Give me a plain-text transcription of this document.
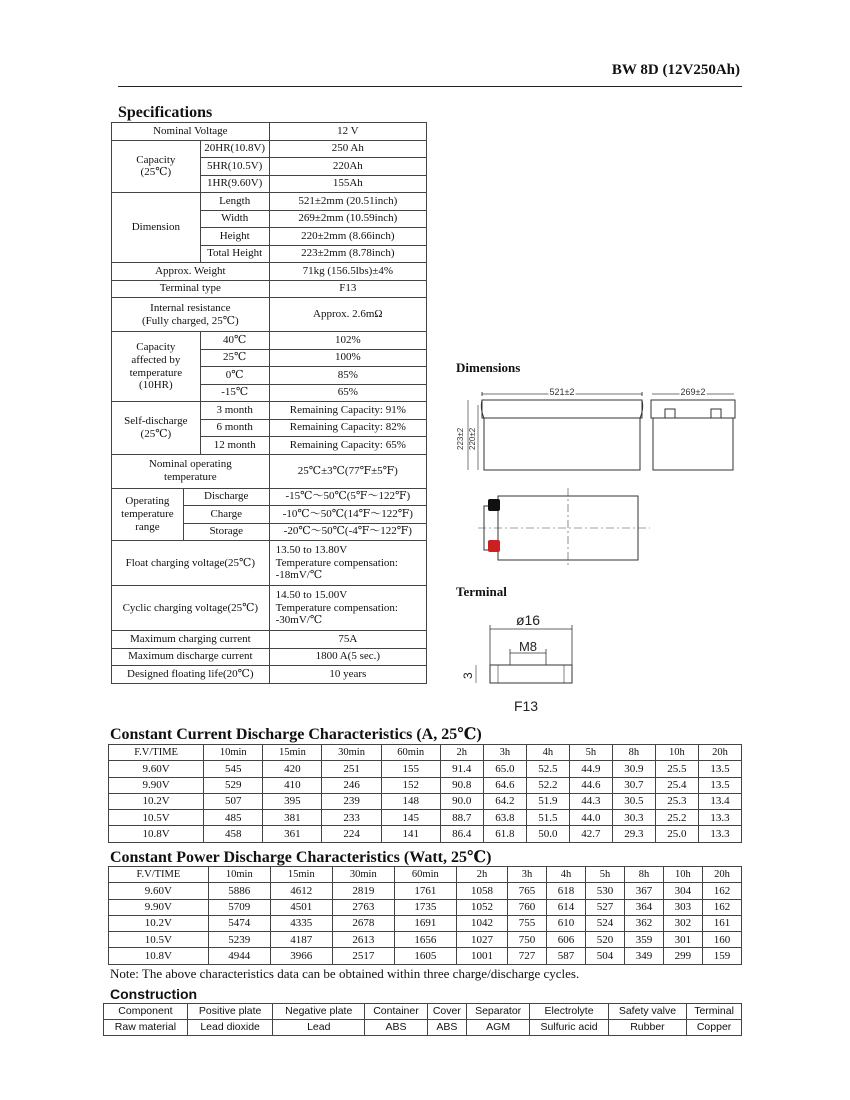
BW 8D (12V250Ah)
Specifications
Nominal Voltage			12 V
Capacity
(25℃)		20HR(10.8V)	250 Ah
		5HR(10.5V)	220Ah
		1HR(9.60V)	155Ah
Dimension		Length	521±2mm (20.51inch)
		Width	269±2mm (10.59inch)
		Height	220±2mm (8.66inch)
		Total Height	223±2mm (8.78inch)
Approx. Weight			71kg (156.5lbs)±4%
Terminal type			F13
Internal resistance
(Fully charged, 25℃)			Approx. 2.6mΩ
Capacity
affected by
temperature
(10HR)		40℃	102%
		25℃	100%
		0℃	85%
		-15℃	65%
Self-discharge
(25℃)		3 month	Remaining Capacity: 91%
		6 month	Remaining Capacity: 82%
		12 month	Remaining Capacity: 65%
Nominal operating
temperature			25℃±3℃(77℉±5℉)
Operating
temperature
range	Discharge		-15℃～50℃(5℉～122℉)
	Charge		-10℃～50℃(14℉～122℉)
	Storage		-20℃～50℃(-4℉～122℉)
Float charging voltage(25℃)			13.50 to 13.80V
Temperature compensation:
-18mV/℃
Cyclic charging voltage(25℃)			14.50 to 15.00V
Temperature compensation:
-30mV/℃
Maximum charging current			75A
Maximum discharge current			1800 A(5 sec.)
Designed floating life(20℃)			10 years
Dimensions
521±2
223±2 220±2
269±2
Terminal
ø16
M8
3
F13
Constant Current Discharge Characteristics (A, 25℃)
F.V/TIME	10min	15min	30min	60min	2h	3h	4h	5h	8h	10h	20h
9.60V	545	420	251	155	91.4	65.0	52.5	44.9	30.9	25.5	13.5
9.90V	529	410	246	152	90.8	64.6	52.2	44.6	30.7	25.4	13.5
10.2V	507	395	239	148	90.0	64.2	51.9	44.3	30.5	25.3	13.4
10.5V	485	381	233	145	88.7	63.8	51.5	44.0	30.3	25.2	13.3
10.8V	458	361	224	141	86.4	61.8	50.0	42.7	29.3	25.0	13.3
Constant Power Discharge Characteristics (Watt, 25℃)
F.V/TIME	10min	15min	30min	60min	2h	3h	4h	5h	8h	10h	20h
9.60V	5886	4612	2819	1761	1058	765	618	530	367	304	162
9.90V	5709	4501	2763	1735	1052	760	614	527	364	303	162
10.2V	5474	4335	2678	1691	1042	755	610	524	362	302	161
10.5V	5239	4187	2613	1656	1027	750	606	520	359	301	160
10.8V	4944	3966	2517	1605	1001	727	587	504	349	299	159
Note: The above characteristics data can be obtained within three charge/discharge cycles.
Construction
Component	Positive plate	Negative plate	Container	Cover	Separator	Electrolyte	Safety valve	Terminal
Raw material	Lead dioxide	Lead	ABS	ABS	AGM	Sulfuric acid	Rubber	Copper
